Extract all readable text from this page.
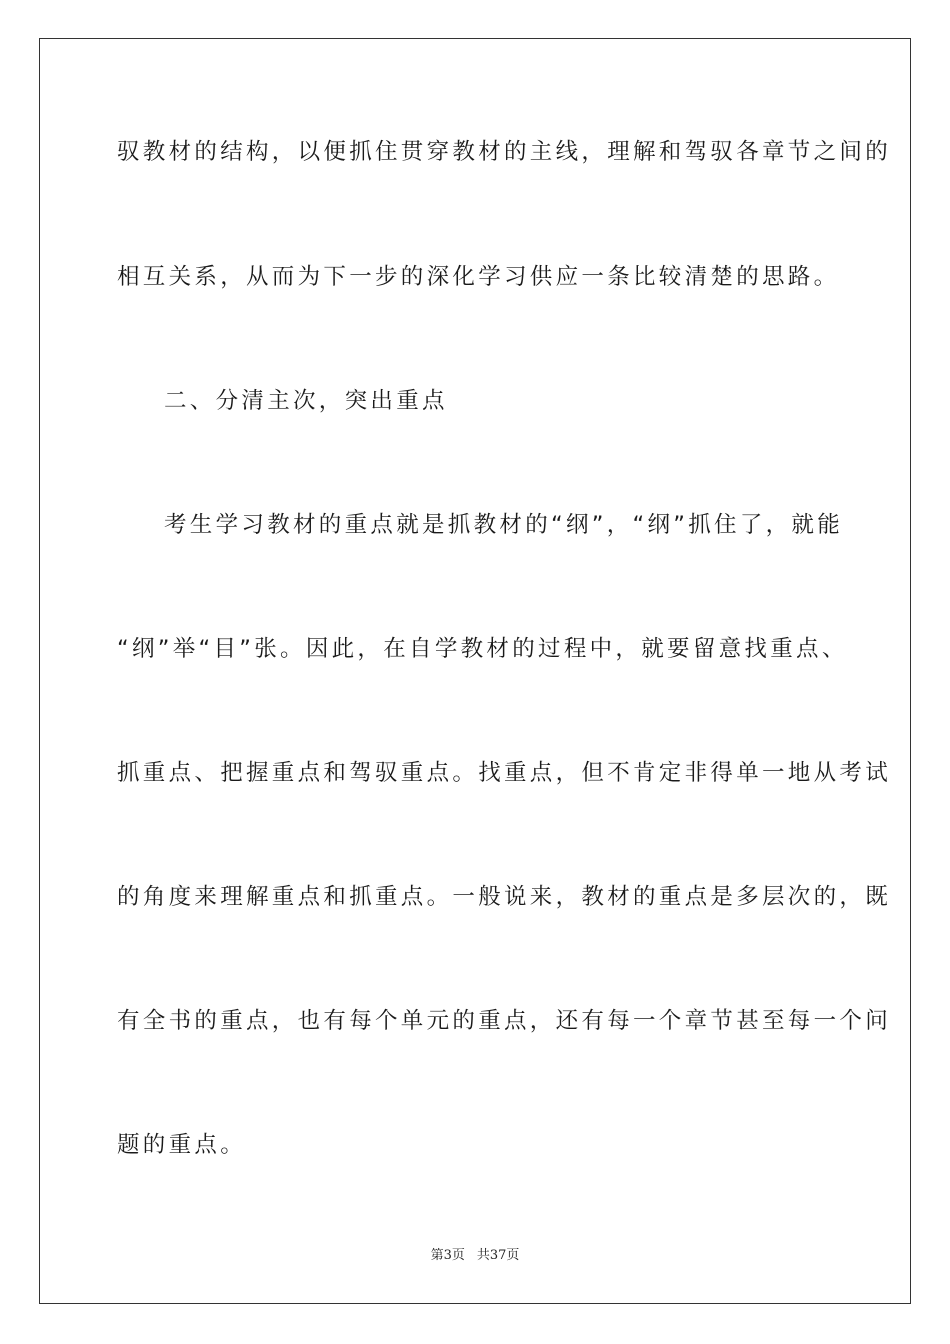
驭教材的结构，以便抓住贯穿教材的主线，理解和驾驭各章节之间的
相互关系，从而为下一步的深化学习供应一条比较清楚的思路。
二、分清主次，突出重点
考生学习教材的重点就是抓教材的“纲”，“纲”抓住了，就能
“纲”举“目”张。因此，在自学教材的过程中，就要留意找重点、
抓重点、把握重点和驾驭重点。找重点，但不肯定非得单一地从考试
的角度来理解重点和抓重点。一般说来，教材的重点是多层次的，既
有全书的重点，也有每个单元的重点，还有每一个章节甚至每一个问
题的重点。
第3页 共37页
